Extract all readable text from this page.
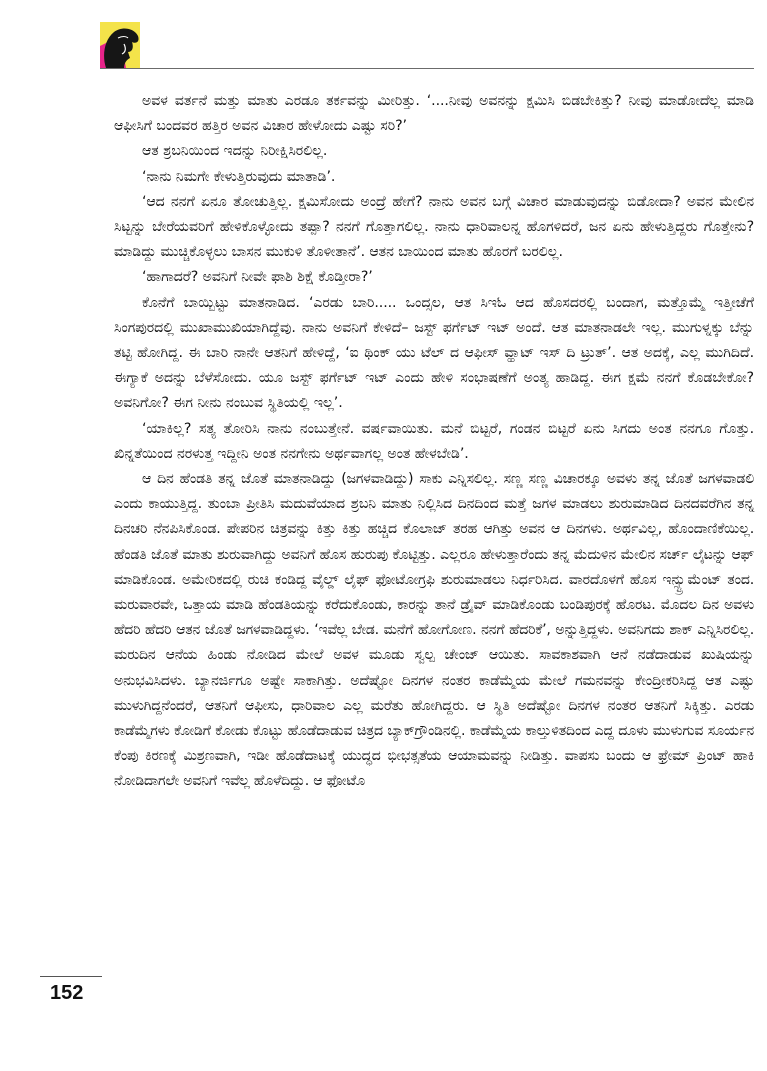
ಅವಳ ವರ್ತನೆ ಮತ್ತು ಮಾತು ಎರಡೂ ತರ್ಕವನ್ನು ಮೀರಿತ್ತು. ‘....ನೀವು ಅವನನ್ನು ಕ್ಷಮಿಸಿ ಬಿಡಬೇಕಿತ್ತು? ನೀವು ಮಾಡೋದೆಲ್ಲ ಮಾಡಿ ಆಫೀಸಿಗೆ ಬಂದವರ ಹತ್ತಿರ ಅವನ ವಿಚಾರ ಹೇಳೋದು ಎಷ್ಟು ಸರಿ?’

ಆತ ಶ್ರಬನಿಯಿಂದ ಇದನ್ನು ನಿರೀಕ್ಷಿಸಿರಲಿಲ್ಲ.

‘ನಾನು ನಿಮಗೇ ಕೇಳುತ್ತಿರುವುದು ಮಾತಾಡಿ’.

‘ಆದ ನನಗೆ ಏನೂ ತೋಚುತ್ತಿಲ್ಲ. ಕ್ಷಮಿಸೋದು ಅಂದ್ರೆ ಹೇಗೆ? ನಾನು ಅವನ ಬಗ್ಗೆ ವಿಚಾರ ಮಾಡುವುದನ್ನು ಬಿಡೋದಾ? ಅವನ ಮೇಲಿನ ಸಿಟ್ಟನ್ನು ಬೇರೆಯವರಿಗೆ ಹೇಳಿಕೊಳ್ಳೋದು ತಪ್ಪಾ? ನನಗೆ ಗೊತ್ತಾಗಲಿಲ್ಲ. ನಾನು ಧಾರಿವಾಲನ್ನ ಹೊಗಳಿದರೆ, ಜನ ಏನು ಹೇಳುತ್ತಿದ್ದರು ಗೊತ್ತೇನು? ಮಾಡಿದ್ದು ಮುಚ್ಚಿಕೊಳ್ಳಲು ಬಾಸನ ಮುಕುಳಿ ತೊಳೀತಾನೆ’. ಆತನ ಬಾಯಿಂದ ಮಾತು ಹೊರಗೆ ಬರಲಿಲ್ಲ.

‘ಹಾಗಾದರೆ? ಅವನಿಗೆ ನೀವೇ ಫಾಶಿ ಶಿಕ್ಷೆ ಕೊಡ್ತೀರಾ?’

ಕೊನೆಗೆ ಬಾಯ್ಬಿಟ್ಟು ಮಾತನಾಡಿದ. ‘ಎರಡು ಬಾರಿ..... ಒಂದ್ಸಲ, ಆತ ಸಿಇಓ ಆದ ಹೊಸದರಲ್ಲಿ ಬಂದಾಗ, ಮತ್ತೊಮ್ಮೆ ಇತ್ತೀಚೆಗೆ ಸಿಂಗಪುರದಲ್ಲಿ ಮುಖಾಮುಖಿಯಾಗಿದ್ದೆವು. ನಾನು ಅವನಿಗೆ ಕೇಳಿದೆ– ಜಸ್ಟ್ ಫರ್ಗೆಟ್ ಇಟ್ ಅಂದೆ. ಆತ ಮಾತನಾಡಲೇ ಇಲ್ಲ. ಮುಗುಳ್ನಕ್ಕು ಬೆನ್ನು ತಟ್ಟಿ ಹೋಗಿದ್ದ. ಈ ಬಾರಿ ನಾನೇ ಆತನಿಗೆ ಹೇಳಿದ್ದೆ, ‘ಐ ಥಿಂಕ್ ಯು ಟೆಲ್ ದ ಆಫೀಸ್ ವ್ಹಾಟ್ ಇಸ್ ದಿ ಟ್ರುತ್’. ಆತ ಅದಕ್ಕೆ, ಎಲ್ಲ ಮುಗಿದಿದೆ. ಈಗ್ಯಾಕೆ ಅದನ್ನು ಬೆಳೆಸೋದು. ಯೂ ಜಸ್ಟ್ ಫರ್ಗೆಟ್ ಇಟ್ ಎಂದು ಹೇಳಿ ಸಂಭಾಷಣೆಗೆ ಅಂತ್ಯ ಹಾಡಿದ್ದ. ಈಗ ಕ್ಷಮೆ ನನಗೆ ಕೊಡಬೇಕೋ? ಅವನಿಗೋ? ಈಗ ನೀನು ನಂಬುವ ಸ್ಥಿತಿಯಲ್ಲಿ ಇಲ್ಲ’.

‘ಯಾಕಿಲ್ಲ? ಸತ್ಯ ತೋರಿಸಿ ನಾನು ನಂಬುತ್ತೇನೆ. ವರ್ಷವಾಯಿತು. ಮನೆ ಬಿಟ್ಟರೆ, ಗಂಡನ ಬಿಟ್ಟರೆ ಏನು ಸಿಗದು ಅಂತ ನನಗೂ ಗೊತ್ತು. ಖಿನ್ನತೆಯಿಂದ ನರಳುತ್ತ ಇದ್ದೀನಿ ಅಂತ ನನಗೇನು ಅರ್ಥವಾಗಲ್ಲ ಅಂತ ಹೇಳಬೇಡಿ’.

ಆ ದಿನ ಹೆಂಡತಿ ತನ್ನ ಜೊತೆ ಮಾತನಾಡಿದ್ದು (ಜಗಳವಾಡಿದ್ದು) ಸಾಕು ಎನ್ನಿಸಲಿಲ್ಲ. ಸಣ್ಣ ಸಣ್ಣ ವಿಚಾರಕ್ಕೂ ಅವಳು ತನ್ನ ಜೊತೆ ಜಗಳವಾಡಲಿ ಎಂದು ಕಾಯುತ್ತಿದ್ದ. ತುಂಬಾ ಪ್ರೀತಿಸಿ ಮದುವೆಯಾದ ಶ್ರಬನಿ ಮಾತು ನಿಲ್ಲಿಸಿದ ದಿನದಿಂದ ಮತ್ತೆ ಜಗಳ ಮಾಡಲು ಶುರುಮಾಡಿದ ದಿನದವರೆಗಿನ ತನ್ನ ದಿನಚರಿ ನೆನಪಿಸಿಕೊಂಡ. ಪೇಪರಿನ ಚಿತ್ರವನ್ನು ಕಿತ್ತು ಕಿತ್ತು ಹಚ್ಚಿದ ಕೊಲಾಜ್ ತರಹ ಆಗಿತ್ತು ಅವನ ಆ ದಿನಗಳು. ಅರ್ಥವಿಲ್ಲ, ಹೊಂದಾಣಿಕೆಯಿಲ್ಲ. ಹೆಂಡತಿ ಜೊತೆ ಮಾತು ಶುರುವಾಗಿದ್ದು ಅವನಿಗೆ ಹೊಸ ಹುರುಪು ಕೊಟ್ಟಿತ್ತು. ಎಲ್ಲರೂ ಹೇಳುತ್ತಾರೆಂದು ತನ್ನ ಮೆದುಳಿನ ಮೇಲಿನ ಸರ್ಚ್ ಲೈಟನ್ನು ಆಫ್ ಮಾಡಿಕೊಂಡ. ಅಮೇರಿಕದಲ್ಲಿ ರುಚಿ ಕಂಡಿದ್ದ ವೈಲ್ಡ್ ಲೈಫ್ ಫೋಟೋಗ್ರಫಿ ಶುರುಮಾಡಲು ನಿರ್ಧರಿಸಿದ. ವಾರದೊಳಗೆ ಹೊಸ ಇನ್ಸ್ಟ್ರುಮೆಂಟ್ ತಂದ. ಮರುವಾರವೇ, ಒತ್ತಾಯ ಮಾಡಿ ಹೆಂಡತಿಯನ್ನು ಕರೆದುಕೊಂಡು, ಕಾರನ್ನು ತಾನೆ ಡ್ರೈವ್ ಮಾಡಿಕೊಂಡು ಬಂಡಿಪುರಕ್ಕೆ ಹೊರಟ. ಮೊದಲ ದಿನ ಅವಳು ಹೆದರಿ ಹೆದರಿ ಆತನ ಜೊತೆ ಜಗಳವಾಡಿದ್ದಳು. ‘ಇವೆಲ್ಲ ಬೇಡ. ಮನೆಗೆ ಹೋಗೋಣ. ನನಗೆ ಹೆದರಿಕೆ’, ಅನ್ನುತ್ತಿದ್ದಳು. ಅವನಿಗದು ಶಾಕ್ ಎನ್ನಿಸಿರಲಿಲ್ಲ. ಮರುದಿನ ಆನೆಯ ಹಿಂಡು ನೋಡಿದ ಮೇಲೆ ಅವಳ ಮೂಡು ಸ್ವಲ್ಪ ಚೇಂಜ್ ಆಯಿತು. ಸಾವಕಾಶವಾಗಿ ಆನೆ ನಡೆದಾಡುವ ಖುಷಿಯನ್ನು ಅನುಭವಿಸಿದಳು. ಬ್ಯಾನರ್ಜಿಗೂ ಅಷ್ಟೇ ಸಾಕಾಗಿತ್ತು. ಅದೆಷ್ಟೋ ದಿನಗಳ ನಂತರ ಕಾಡೆಮ್ಮೆಯ ಮೇಲೆ ಗಮನವನ್ನು ಕೇಂದ್ರೀಕರಿಸಿದ್ದ ಆತ ಎಷ್ಟು ಮುಳುಗಿದ್ದನೆಂದರೆ, ಆತನಿಗೆ ಆಫೀಸು, ಧಾರಿವಾಲ ಎಲ್ಲ ಮರೆತು ಹೋಗಿದ್ದರು. ಆ ಸ್ಥಿತಿ ಅದೆಷ್ಟೋ ದಿನಗಳ ನಂತರ ಆತನಿಗೆ ಸಿಕ್ಕಿತ್ತು. ಎರಡು ಕಾಡೆಮ್ಮೆಗಳು ಕೋಡಿಗೆ ಕೋಡು ಕೊಟ್ಟು ಹೊಡೆದಾಡುವ ಚಿತ್ರದ ಬ್ಯಾಕ್‌ಗ್ರೌಂಡಿನಲ್ಲಿ. ಕಾಡೆಮ್ಮೆಯ ಕಾಲ್ತುಳಿತದಿಂದ ಎದ್ದ ದೂಳು ಮುಳುಗುವ ಸೂರ್ಯನ ಕೆಂಪು ಕಿರಣಕ್ಕೆ ಮಿಶ್ರಣವಾಗಿ, ಇಡೀ ಹೊಡೆದಾಟಕ್ಕೆ ಯುದ್ಧದ ಭೀಭತ್ಸತೆಯ ಆಯಾಮವನ್ನು ನೀಡಿತ್ತು. ವಾಪಸು ಬಂದು ಆ ಫ್ರೇಮ್ ಪ್ರಿಂಟ್ ಹಾಕಿ ನೋಡಿದಾಗಲೇ ಅವನಿಗೆ ಇವೆಲ್ಲ ಹೊಳೆದಿದ್ದು. ಆ ಫೋಟೊ

152
